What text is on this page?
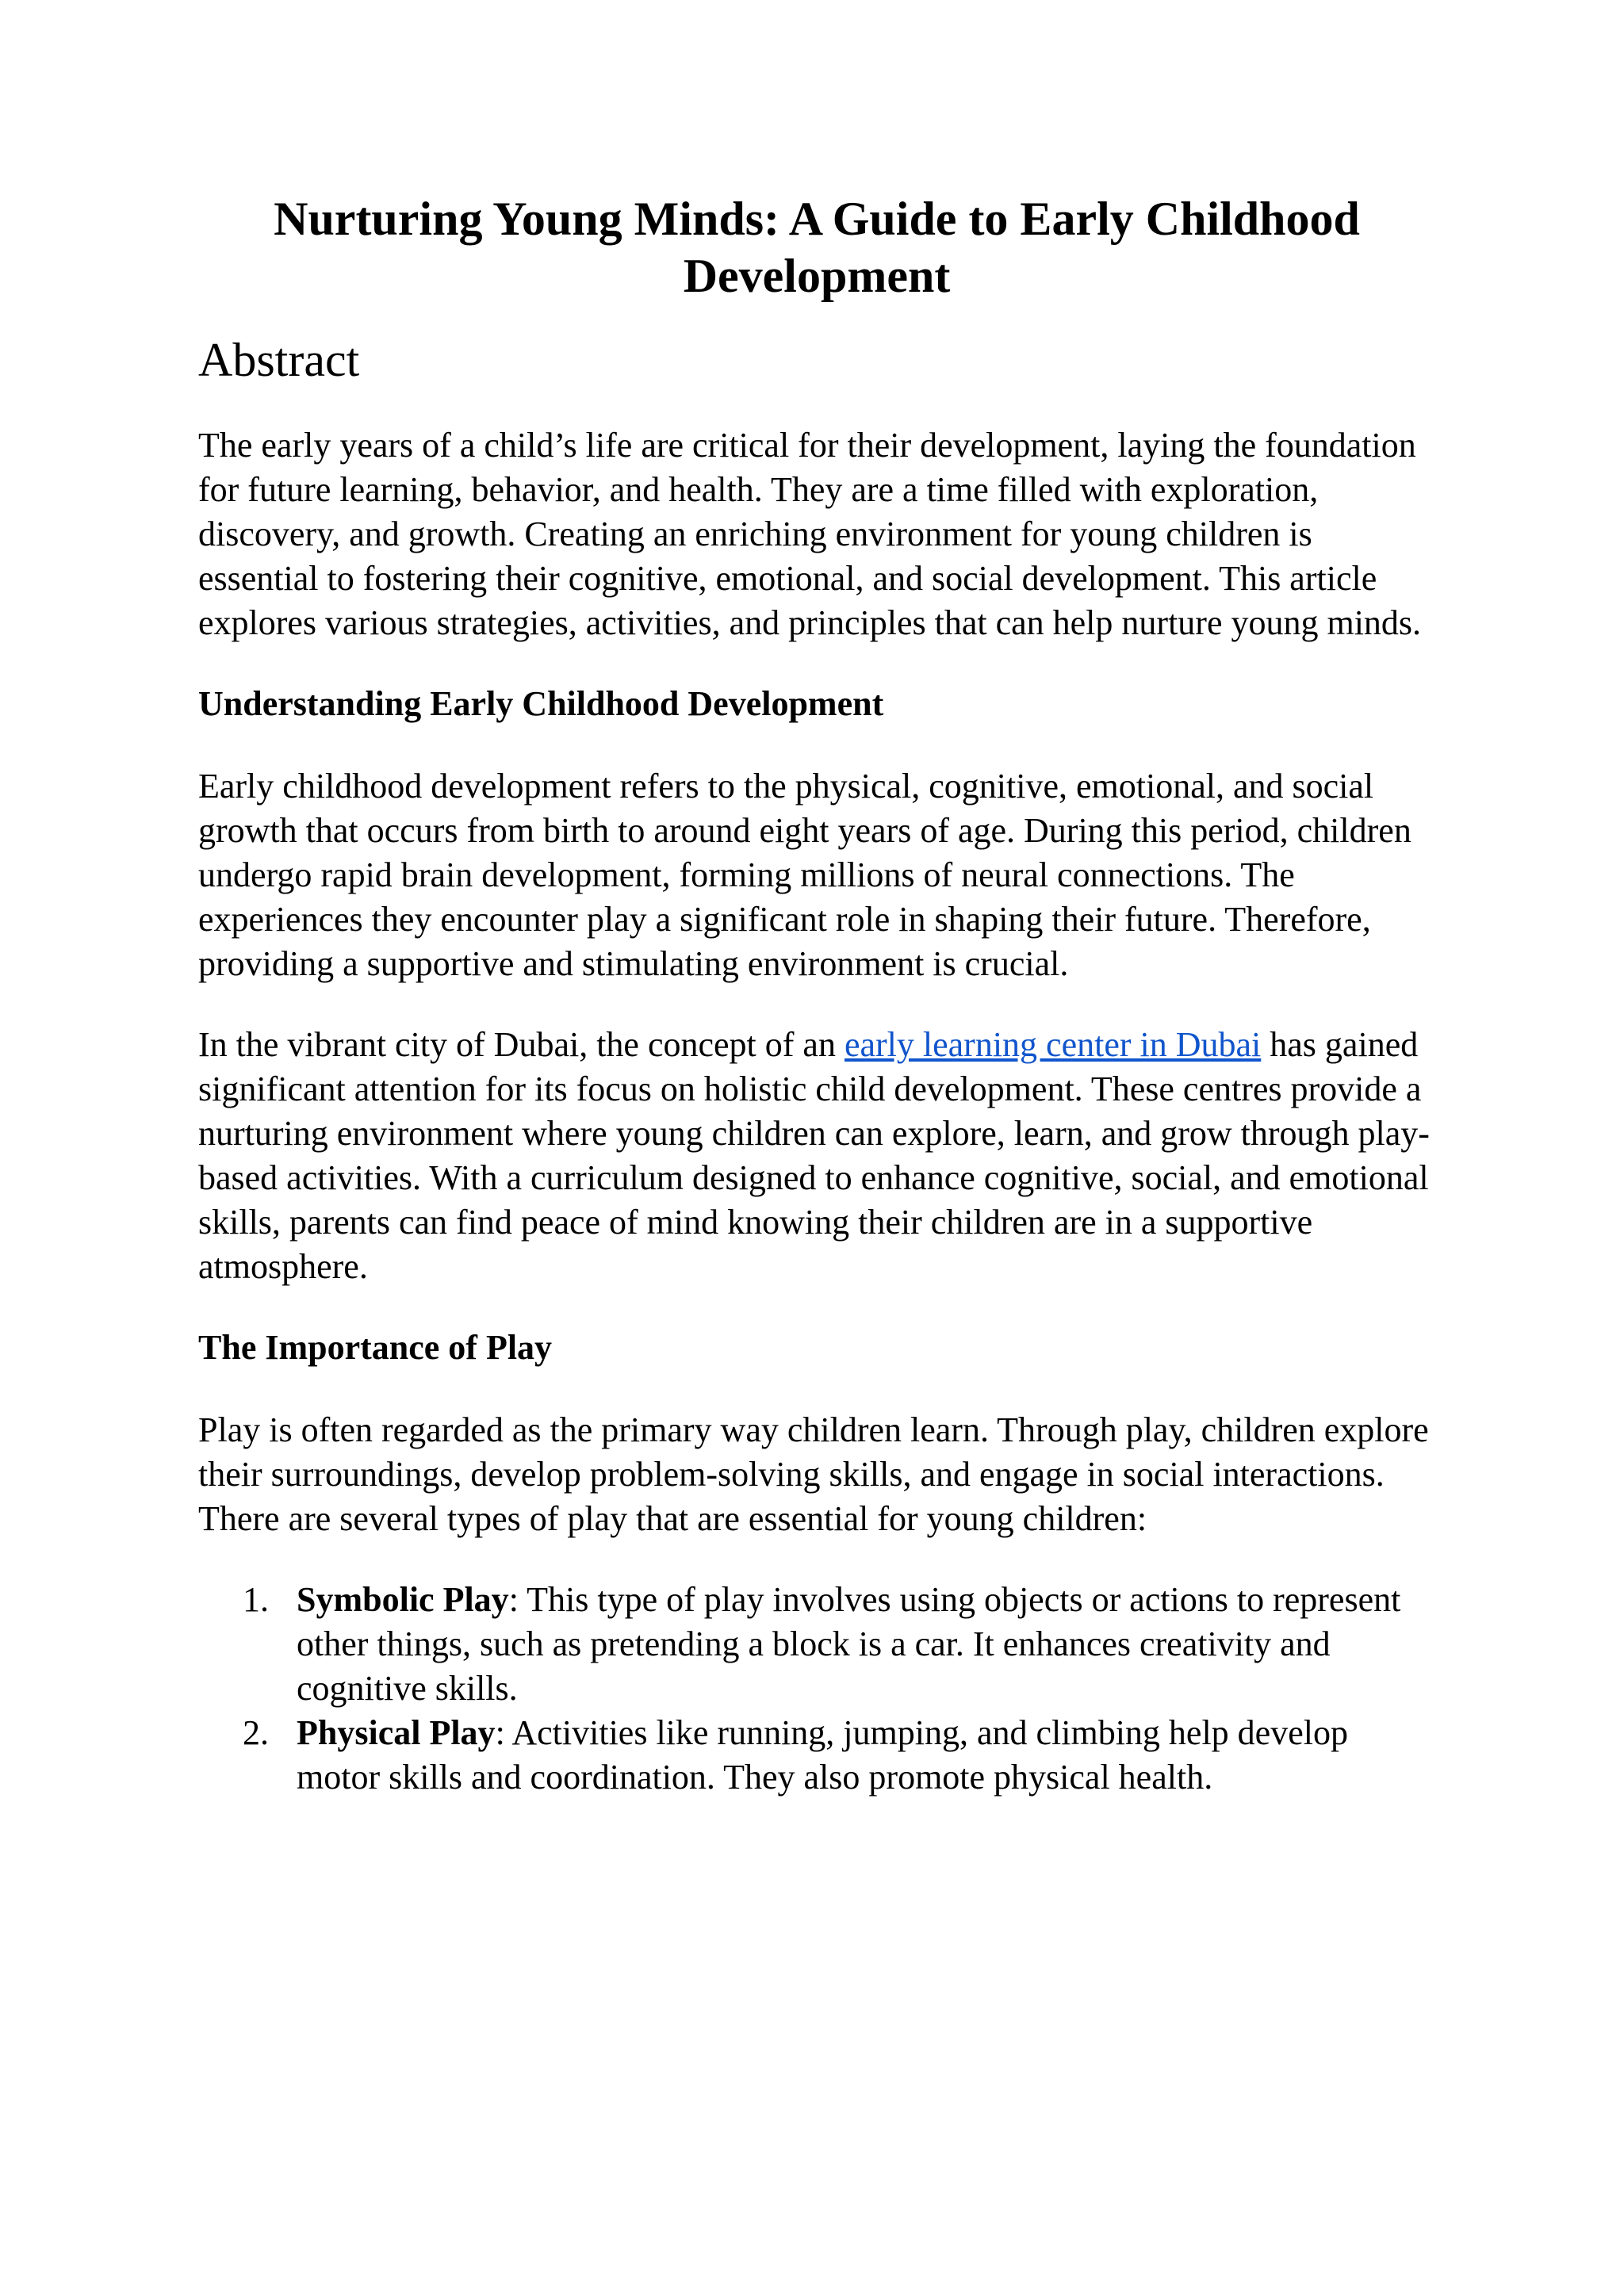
Nurturing Young Minds: A Guide to Early Childhood Development
Abstract

The early years of a child’s life are critical for their development, laying the foundation for future learning, behavior, and health. They are a time filled with exploration, discovery, and growth. Creating an enriching environment for young children is essential to fostering their cognitive, emotional, and social development. This article explores various strategies, activities, and principles that can help nurture young minds.

Understanding Early Childhood Development

Early childhood development refers to the physical, cognitive, emotional, and social growth that occurs from birth to around eight years of age. During this period, children undergo rapid brain development, forming millions of neural connections. The experiences they encounter play a significant role in shaping their future. Therefore, providing a supportive and stimulating environment is crucial.

In the vibrant city of Dubai, the concept of an early learning center in Dubai has gained significant attention for its focus on holistic child development. These centres provide a nurturing environment where young children can explore, learn, and grow through play-based activities. With a curriculum designed to enhance cognitive, social, and emotional skills, parents can find peace of mind knowing their children are in a supportive atmosphere.

The Importance of Play

Play is often regarded as the primary way children learn. Through play, children explore their surroundings, develop problem-solving skills, and engage in social interactions. There are several types of play that are essential for young children:

1. Symbolic Play: This type of play involves using objects or actions to represent other things, such as pretending a block is a car. It enhances creativity and cognitive skills.
2. Physical Play: Activities like running, jumping, and climbing help develop motor skills and coordination. They also promote physical health.
